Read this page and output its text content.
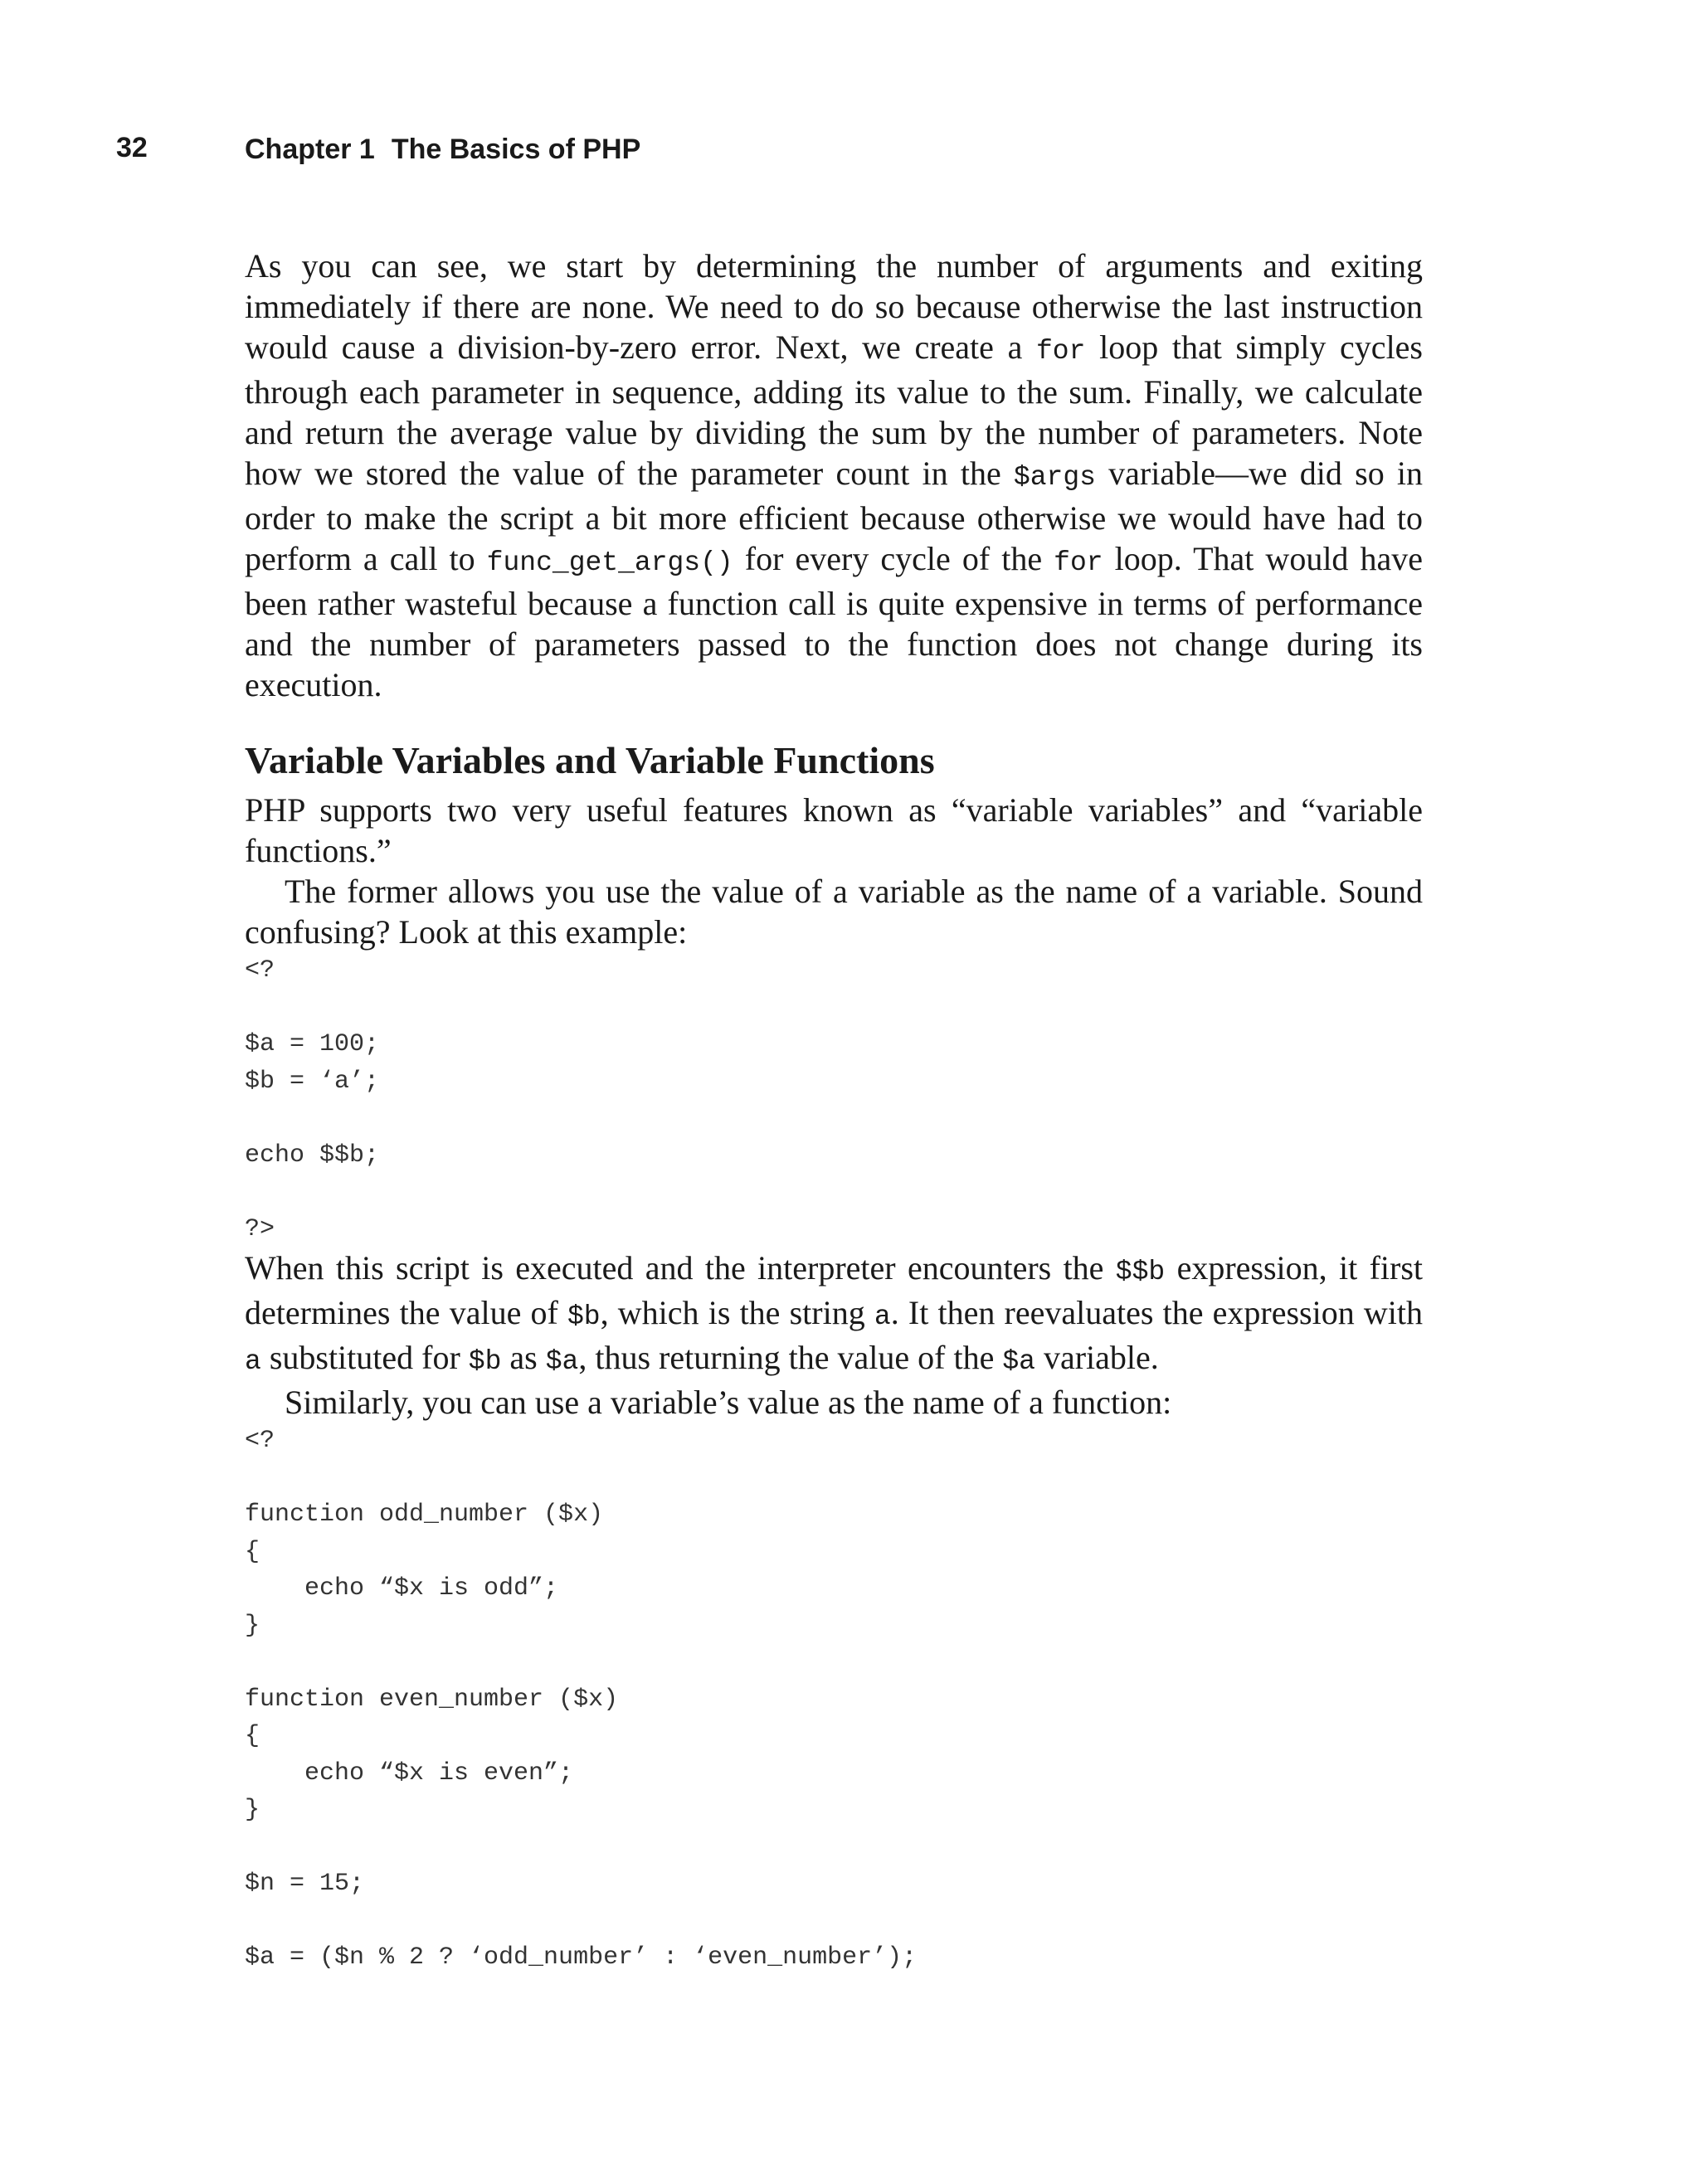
32	Chapter 1 The Basics of PHP

As you can see, we start by determining the number of arguments and exiting immediately if there are none. We need to do so because otherwise the last instruction would cause a division-by-zero error. Next, we create a for loop that simply cycles through each parameter in sequence, adding its value to the sum. Finally, we calculate and return the average value by dividing the sum by the number of parameters. Note how we stored the value of the parameter count in the $args variable—we did so in order to make the script a bit more efficient because otherwise we would have had to perform a call to func_get_args() for every cycle of the for loop. That would have been rather wasteful because a function call is quite expensive in terms of performance and the number of parameters passed to the function does not change during its execution.

Variable Variables and Variable Functions

PHP supports two very useful features known as “variable variables” and “variable functions.”

The former allows you use the value of a variable as the name of a variable. Sound confusing? Look at this example:

<?

$a = 100;
$b = ‘a’;

echo $$b;

?>

When this script is executed and the interpreter encounters the $$b expression, it first determines the value of $b, which is the string a. It then reevaluates the expression with a substituted for $b as $a, thus returning the value of the $a variable.

Similarly, you can use a variable’s value as the name of a function:

<?

function odd_number ($x)
{
echo “$x is odd”;
}

function even_number ($x)
{
echo “$x is even”;
}

$n = 15;

$a = ($n % 2 ? ‘odd_number’ : ‘even_number’);
